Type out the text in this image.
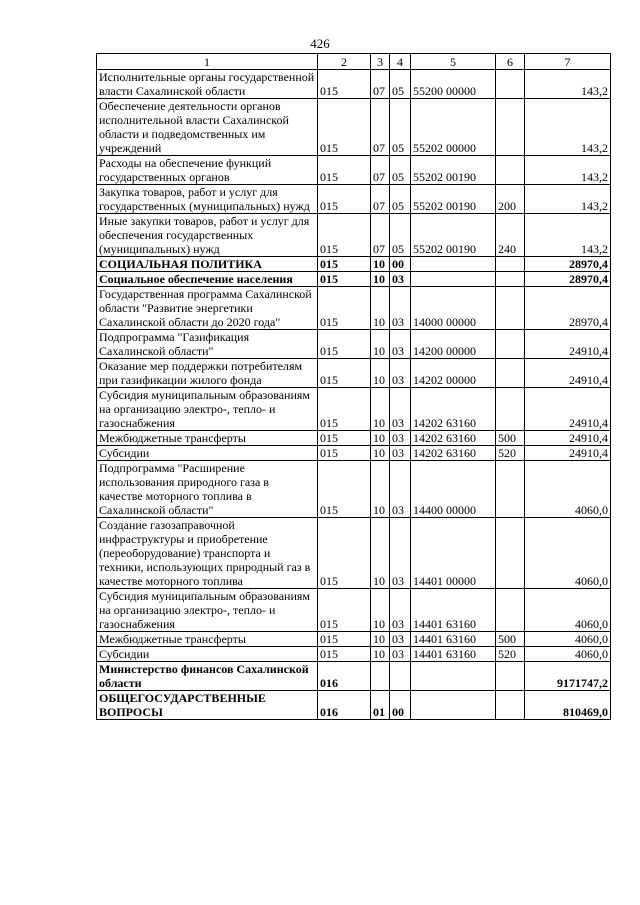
426
1	2	3	4	5	6	7
Исполнительные органы государственной власти Сахалинской области	015	07	05	55200 00000		143,2
Обеспечение деятельности органов исполнительной власти Сахалинской области и подведомственных им учреждений	015	07	05	55202 00000		143,2
Расходы на обеспечение функций государственных органов	015	07	05	55202 00190		143,2
Закупка товаров, работ и услуг для государственных (муниципальных) нужд	015	07	05	55202 00190	200	143,2
Иные закупки товаров, работ и услуг для обеспечения государственных (муниципальных) нужд	015	07	05	55202 00190	240	143,2
СОЦИАЛЬНАЯ ПОЛИТИКА	015	10	00			28970,4
Социальное обеспечение населения	015	10	03			28970,4
Государственная программа Сахалинской области "Развитие энергетики Сахалинской области до 2020 года"	015	10	03	14000 00000		28970,4
Подпрограмма "Газификация Сахалинской области"	015	10	03	14200 00000		24910,4
Оказание мер поддержки потребителям при газификации жилого фонда	015	10	03	14202 00000		24910,4
Субсидия муниципальным образованиям на организацию электро-, тепло- и газоснабжения	015	10	03	14202 63160		24910,4
Межбюджетные трансферты	015	10	03	14202 63160	500	24910,4
Субсидии	015	10	03	14202 63160	520	24910,4
Подпрограмма "Расширение использования природного газа в качестве моторного топлива в Сахалинской области"	015	10	03	14400 00000		4060,0
Создание газозаправочной инфраструктуры и приобретение (переоборудование) транспорта и техники, использующих природный газ в качестве моторного топлива	015	10	03	14401 00000		4060,0
Субсидия муниципальным образованиям на организацию электро-, тепло- и газоснабжения	015	10	03	14401 63160		4060,0
Межбюджетные трансферты	015	10	03	14401 63160	500	4060,0
Субсидии	015	10	03	14401 63160	520	4060,0
Министерство финансов Сахалинской области	016					9171747,2
ОБЩЕГОСУДАРСТВЕННЫЕ ВОПРОСЫ	016	01	00			810469,0
